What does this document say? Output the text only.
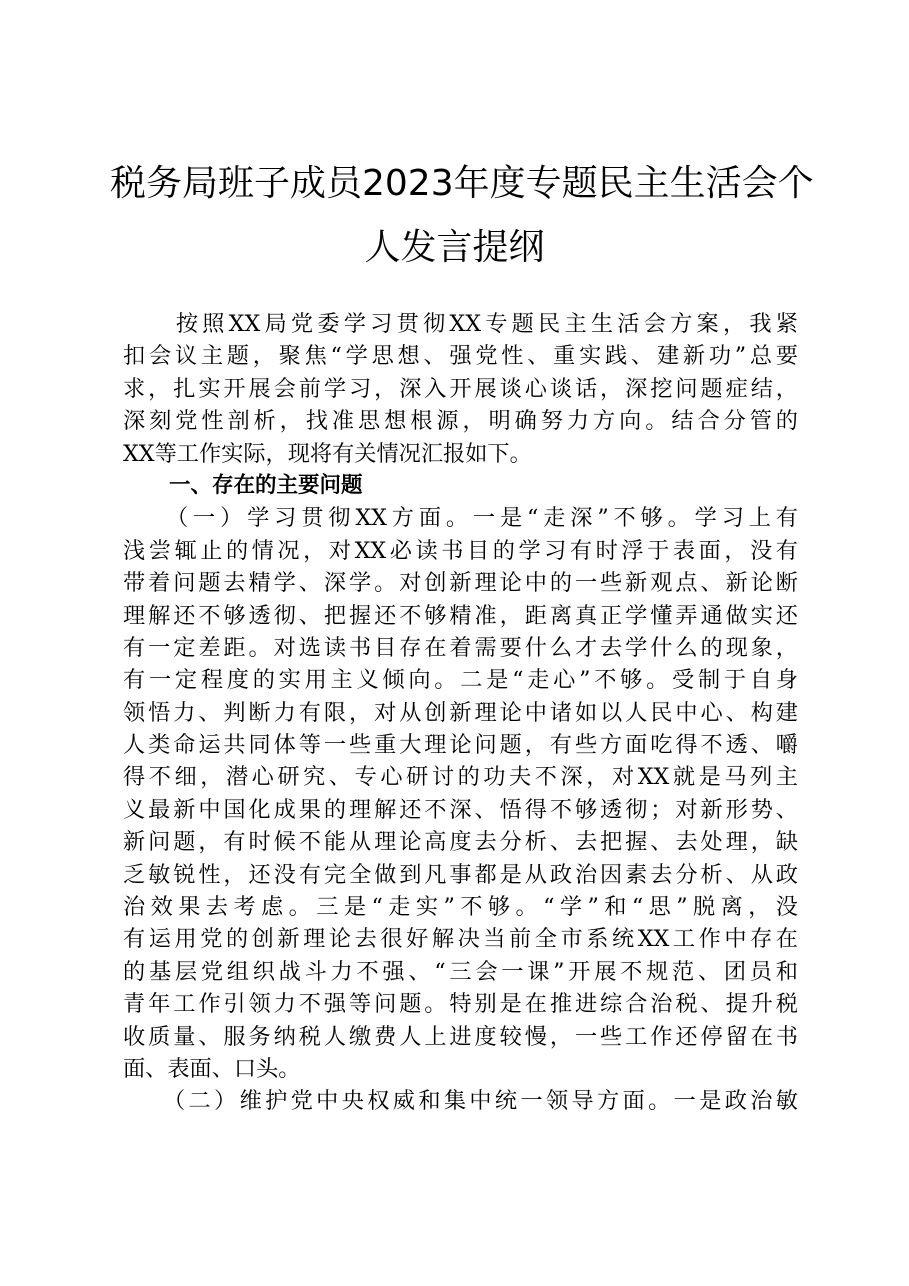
税务局班子成员2023年度专题民主生活会个
人发言提纲
　　按照XX局党委学习贯彻XX专题民主生活会方案，我紧
扣会议主题，聚焦“学思想、强党性、重实践、建新功”总要
求，扎实开展会前学习，深入开展谈心谈话，深挖问题症结，
深刻党性剖析，找准思想根源，明确努力方向。结合分管的
XX等工作实际，现将有关情况汇报如下。
一、存在的主要问题
　　（一）学习贯彻XX方面。一是“走深”不够。学习上有
浅尝辄止的情况，对XX必读书目的学习有时浮于表面，没有
带着问题去精学、深学。对创新理论中的一些新观点、新论断
理解还不够透彻、把握还不够精准，距离真正学懂弄通做实还
有一定差距。对选读书目存在着需要什么才去学什么的现象，
有一定程度的实用主义倾向。二是“走心”不够。受制于自身
领悟力、判断力有限，对从创新理论中诸如以人民中心、构建
人类命运共同体等一些重大理论问题，有些方面吃得不透、嚼
得不细，潜心研究、专心研讨的功夫不深，对XX就是马列主
义最新中国化成果的理解还不深、悟得不够透彻；对新形势、
新问题，有时候不能从理论高度去分析、去把握、去处理，缺
乏敏锐性，还没有完全做到凡事都是从政治因素去分析、从政
治效果去考虑。三是“走实”不够。“学”和“思”脱离，没
有运用党的创新理论去很好解决当前全市系统XX工作中存在
的基层党组织战斗力不强、“三会一课”开展不规范、团员和
青年工作引领力不强等问题。特别是在推进综合治税、提升税
收质量、服务纳税人缴费人上进度较慢，一些工作还停留在书
面、表面、口头。
　　（二）维护党中央权威和集中统一领导方面。一是政治敏
